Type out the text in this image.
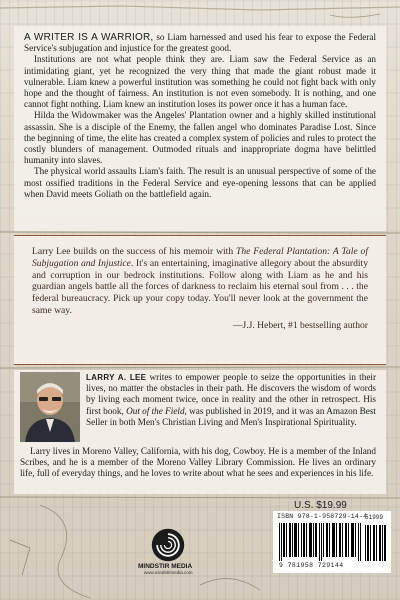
A WRITER IS A WARRIOR, so Liam harnessed and used his fear to expose the Federal Service's subjugation and injustice for the greatest good.

Institutions are not what people think they are. Liam saw the Federal Service as an intimidating giant, yet he recognized the very thing that made the giant robust made it vulnerable. Liam knew a powerful institution was something he could not fight back with only hope and the thought of fairness. An institution is not even somebody. It is nothing, and one cannot fight nothing. Liam knew an institution loses its power once it has a human face.

Hilda the Widowmaker was the Angeles' Plantation owner and a highly skilled institutional assassin. She is a disciple of the Enemy, the fallen angel who dominates Paradise Lost. Since the beginning of time, the elite has created a complex system of policies and rules to protect the costly blunders of management. Outmoded rituals and inappropriate dogma have belittled humanity into slaves.

The physical world assaults Liam's faith. The result is an unusual perspective of some of the most ossified traditions in the Federal Service and eye-opening lessons that can be applied when David meets Goliath on the battlefield again.

Larry Lee builds on the success of his memoir with The Federal Plantation: A Tale of Subjugation and Injustice. It's an entertaining, imaginative allegory about the absurdity and corruption in our bedrock institutions. Follow along with Liam as he and his guardian angels battle all the forces of darkness to reclaim his eternal soul from . . . the federal bureaucracy. Pick up your copy today. You'll never look at the government the same way.

—J.J. Hebert, #1 bestselling author

LARRY A. LEE writes to empower people to seize the opportunities in their lives, no matter the obstacles in their path. He discovers the wisdom of words by living each moment twice, once in reality and the other in retrospect. His first book, Out of the Field, was published in 2019, and it was an Amazon Best Seller in both Men's Christian Living and Men's Inspirational Spirituality.

Larry lives in Moreno Valley, California, with his dog, Cowboy. He is a member of the Inland Scribes, and he is a member of the Moreno Valley Library Commission. He lives an ordinary life, full of everyday things, and he loves to write about what he sees and experiences in his life.

U.S. $19.99
ISBN 978-1-958729-14-4
51999
9 781958 729144
MINDSTIR MEDIA
www.mindstirmedia.com
